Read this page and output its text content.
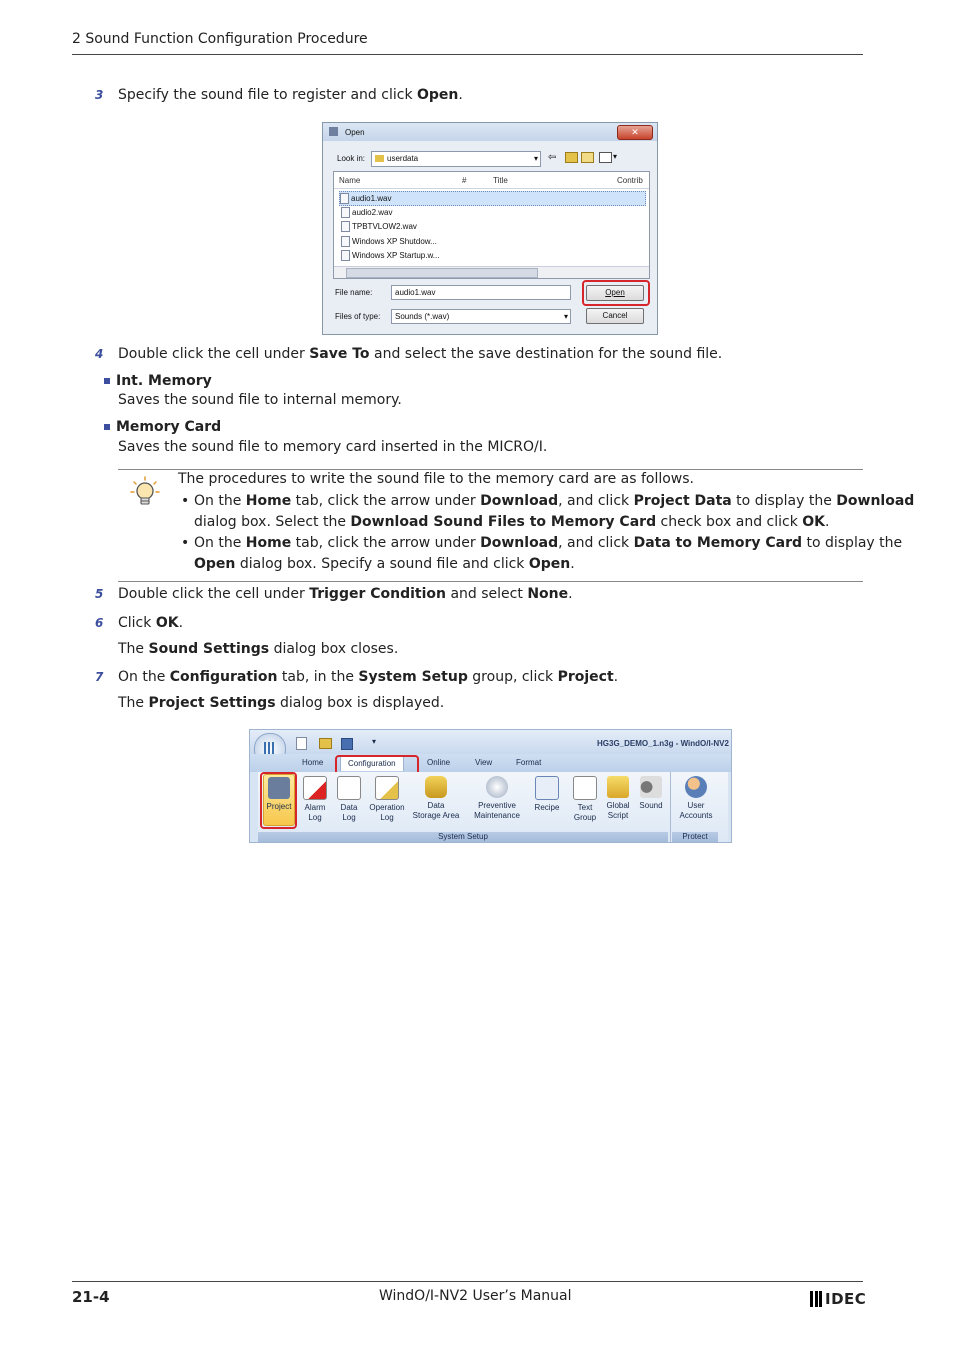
2 Sound Function Configuration Procedure
3 Specify the sound file to register and click Open.
Open	✕
Look in:	userdata	▾ ⇦	▾
Name	#	Title	Contrib
audio1.wav
audio2.wav
TPBTVLOW2.wav
Windows XP Shutdow...
Windows XP Startup.w...
File name:	audio1.wav
Files of type:	Sounds (*.wav)	▾
Open
Cancel
4 Double click the cell under Save To and select the save destination for the sound file.
Int. Memory
Saves the sound file to internal memory.
Memory Card
Saves the sound file to memory card inserted in the MICRO/I.
The procedures to write the sound file to the memory card are as follows.
• On the Home tab, click the arrow under Download, and click Project Data to display the Download
dialog box. Select the Download Sound Files to Memory Card check box and click OK.
• On the Home tab, click the arrow under Download, and click Data to Memory Card to display the
Open dialog box. Specify a sound file and click Open.
5 Double click the cell under Trigger Condition and select None.
6 Click OK.
The Sound Settings dialog box closes.
7 On the Configuration tab, in the System Setup group, click Project.
The Project Settings dialog box is displayed.
▾	HG3G_DEMO_1.n3g - WindO/I-NV2
Home	Configuration	Online	View	Format
Project	Alarm
Log
Data
Log
Operation
Log
Data
Storage Area
Preventive
Maintenance
Recipe	Text
Group
Global
Script
Sound
System Setup
User
Accounts
Protect
21-4	WindO/I-NV2 User’s Manual	IDEC
